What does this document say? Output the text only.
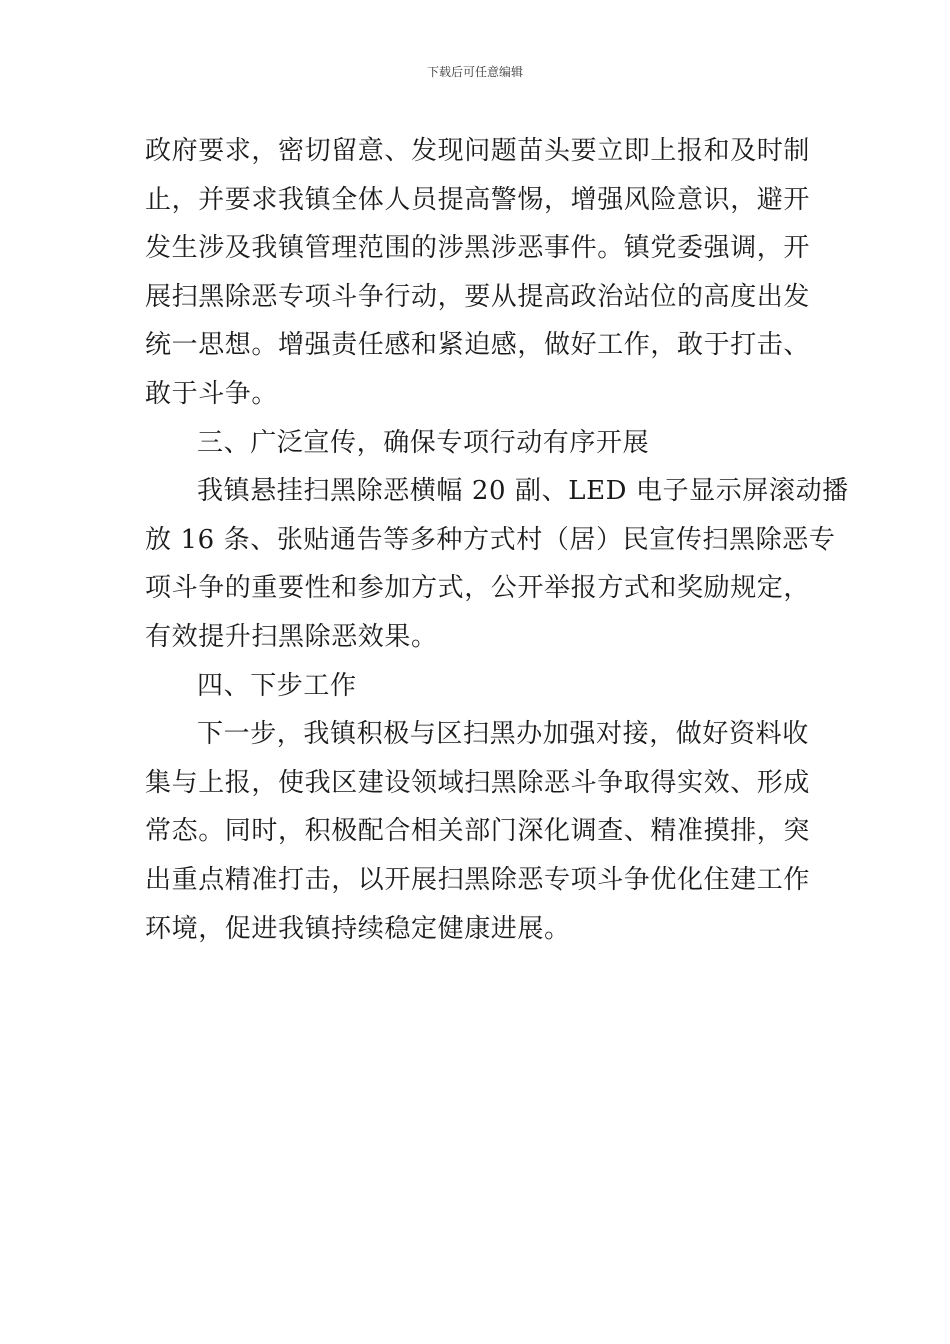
下载后可任意编辑
政府要求，密切留意、发现问题苗头要立即上报和及时制
止，并要求我镇全体人员提高警惕，增强风险意识，避开
发生涉及我镇管理范围的涉黑涉恶事件。镇党委强调，开
展扫黑除恶专项斗争行动，要从提高政治站位的高度出发
统一思想。增强责任感和紧迫感，做好工作，敢于打击、
敢于斗争。
三、广泛宣传，确保专项行动有序开展
我镇悬挂扫黑除恶横幅 20 副、LED 电子显示屏滚动播
放 16 条、张贴通告等多种方式村（居）民宣传扫黑除恶专
项斗争的重要性和参加方式，公开举报方式和奖励规定，
有效提升扫黑除恶效果。
四、下步工作
下一步，我镇积极与区扫黑办加强对接，做好资料收
集与上报，使我区建设领域扫黑除恶斗争取得实效、形成
常态。同时，积极配合相关部门深化调查、精准摸排，突
出重点精准打击，以开展扫黑除恶专项斗争优化住建工作
环境，促进我镇持续稳定健康进展。
